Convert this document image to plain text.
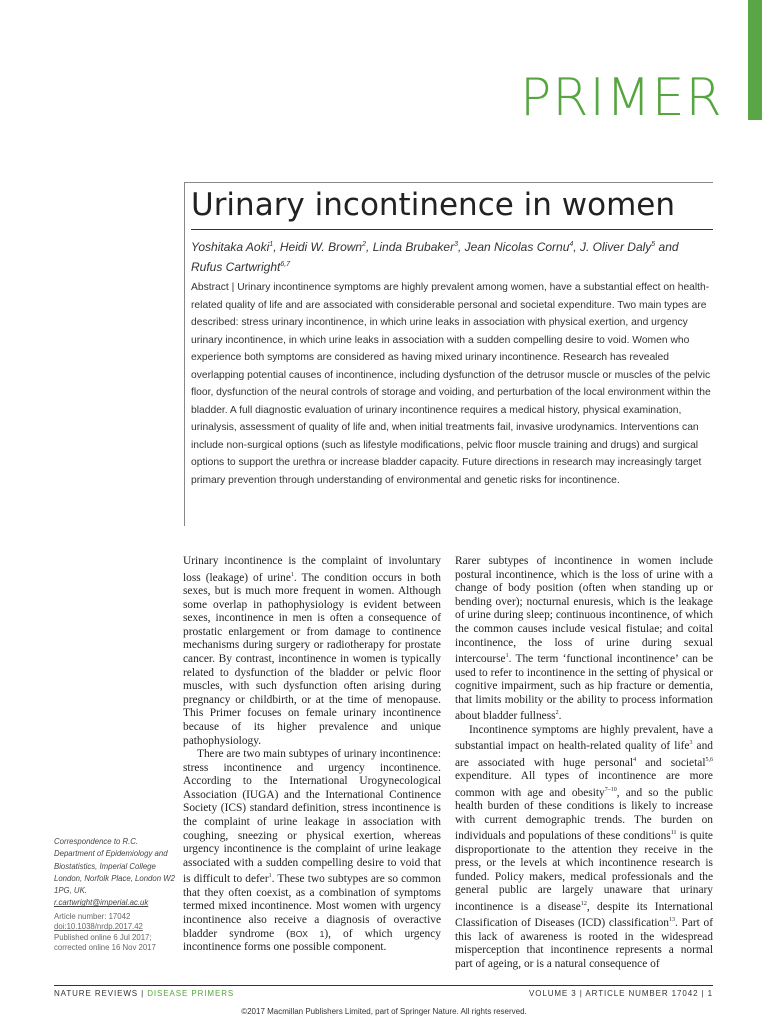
PRIMER
Urinary incontinence in women
Yoshitaka Aoki$^1$, Heidi W. Brown$^2$, Linda Brubaker$^3$, Jean Nicolas Cornu$^4$, J. Oliver Daly$^5$ and Rufus Cartwright$^{6,7}$

Abstract | Urinary incontinence symptoms are highly prevalent among women, have a substantial effect on health-related quality of life and are associated with considerable personal and societal expenditure. Two main types are described: stress urinary incontinence, in which urine leaks in association with physical exertion, and urgency urinary incontinence, in which urine leaks in association with a sudden compelling desire to void. Women who experience both symptoms are considered as having mixed urinary incontinence. Research has revealed overlapping potential causes of incontinence, including dysfunction of the detrusor muscle or muscles of the pelvic floor, dysfunction of the neural controls of storage and voiding, and perturbation of the local environment within the bladder. A full diagnostic evaluation of urinary incontinence requires a medical history, physical examination, urinalysis, assessment of quality of life and, when initial treatments fail, invasive urodynamics. Interventions can include non-surgical options (such as lifestyle modifications, pelvic floor muscle training and drugs) and surgical options to support the urethra or increase bladder capacity. Future directions in research may increasingly target primary prevention through understanding of environmental and genetic risks for incontinence.

Urinary incontinence is the complaint of involuntary loss (leakage) of urine$^1$. The condition occurs in both sexes, but is much more frequent in women. Although some overlap in pathophysiology is evident between sexes, incontinence in men is often a consequence of prostatic enlargement or from damage to continence mechanisms during surgery or radiotherapy for prostate cancer. By contrast, incontinence in women is typically related to dysfunction of the bladder or pelvic floor muscles, with such dysfunction often arising during pregnancy or childbirth, or at the time of menopause. This Primer focuses on female urinary incontinence because of its higher prevalence and unique pathophysiology.

There are two main subtypes of urinary incontinence: stress incontinence and urgency incontinence. According to the International Urogynecological Association (IUGA) and the International Continence Society (ICS) standard definition, stress incontinence is the complaint of urine leakage in association with coughing, sneezing or physical exertion, whereas urgency incontinence is the complaint of urine leakage associated with a sudden compelling desire to void that is difficult to defer$^1$. These two subtypes are so common that they often coexist, as a combination of symptoms termed mixed incontinence. Most women with urgency incontinence also receive a diagnosis of overactive bladder syndrome (BOX 1), of which urgency incontinence forms one possible component.

Rarer subtypes of incontinence in women include postural incontinence, which is the loss of urine with a change of body position (often when standing up or bending over); nocturnal enuresis, which is the leakage of urine during sleep; continuous incontinence, of which the common causes include vesical fistulae; and coital incontinence, the loss of urine during sexual intercourse$^1$. The term ‘functional incontinence’ can be used to refer to incontinence in the setting of physical or cognitive impairment, such as hip fracture or dementia, that limits mobility or the ability to process information about bladder fullness$^2$.

Incontinence symptoms are highly prevalent, have a substantial impact on health-related quality of life$^3$ and are associated with huge personal$^4$ and societal$^{5,6}$ expenditure. All types of incontinence are more common with age and obesity$^{7-10}$, and so the public health burden of these conditions is likely to increase with current demographic trends. The burden on individuals and populations of these conditions$^{11}$ is quite disproportionate to the attention they receive in the press, or the levels at which incontinence research is funded. Policy makers, medical professionals and the general public are largely unaware that urinary incontinence is a disease$^{12}$, despite its International Classification of Diseases (ICD) classification$^{13}$. Part of this lack of awareness is rooted in the widespread misperception that incontinence represents a normal part of ageing, or is a natural consequence of

Correspondence to R.C. Department of Epidemiology and Biostatistics, Imperial College London, Norfolk Place, London W2 1PG, UK.
r.cartwright@imperial.ac.uk
Article number: 17042
doi:10.1038/nrdp.2017.42
Published online 6 Jul 2017;
corrected online 16 Nov 2017
NATURE REVIEWS | DISEASE PRIMERS	VOLUME 3 | ARTICLE NUMBER 17042 | 1
©2017 Macmillan Publishers Limited, part of Springer Nature. All rights reserved.
